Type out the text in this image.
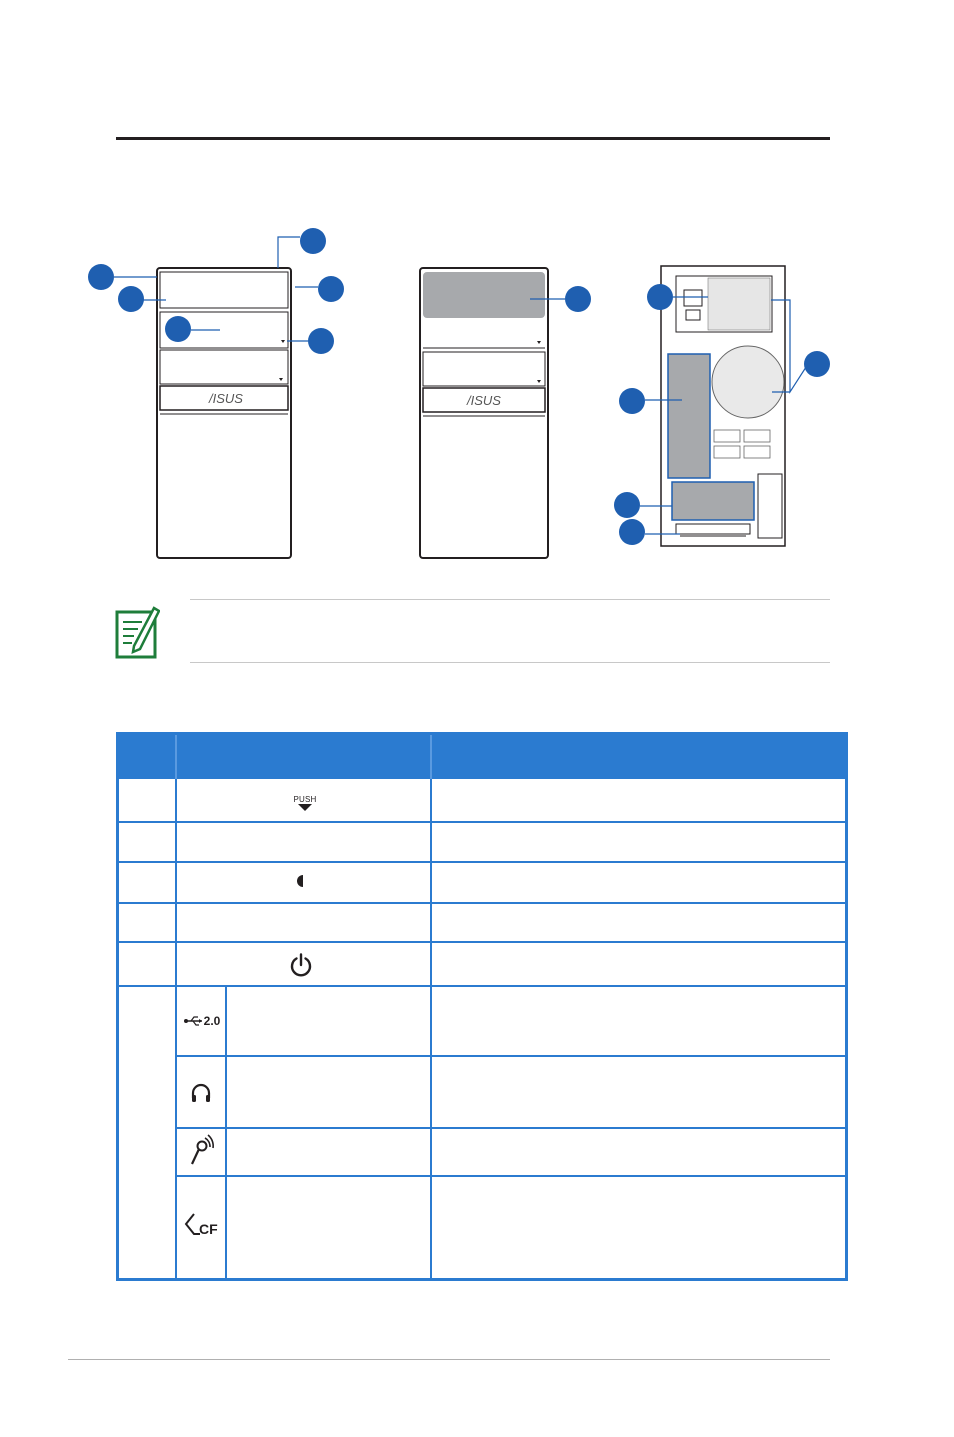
/ISUS	/ISUS
PUSH
2.0
CF
